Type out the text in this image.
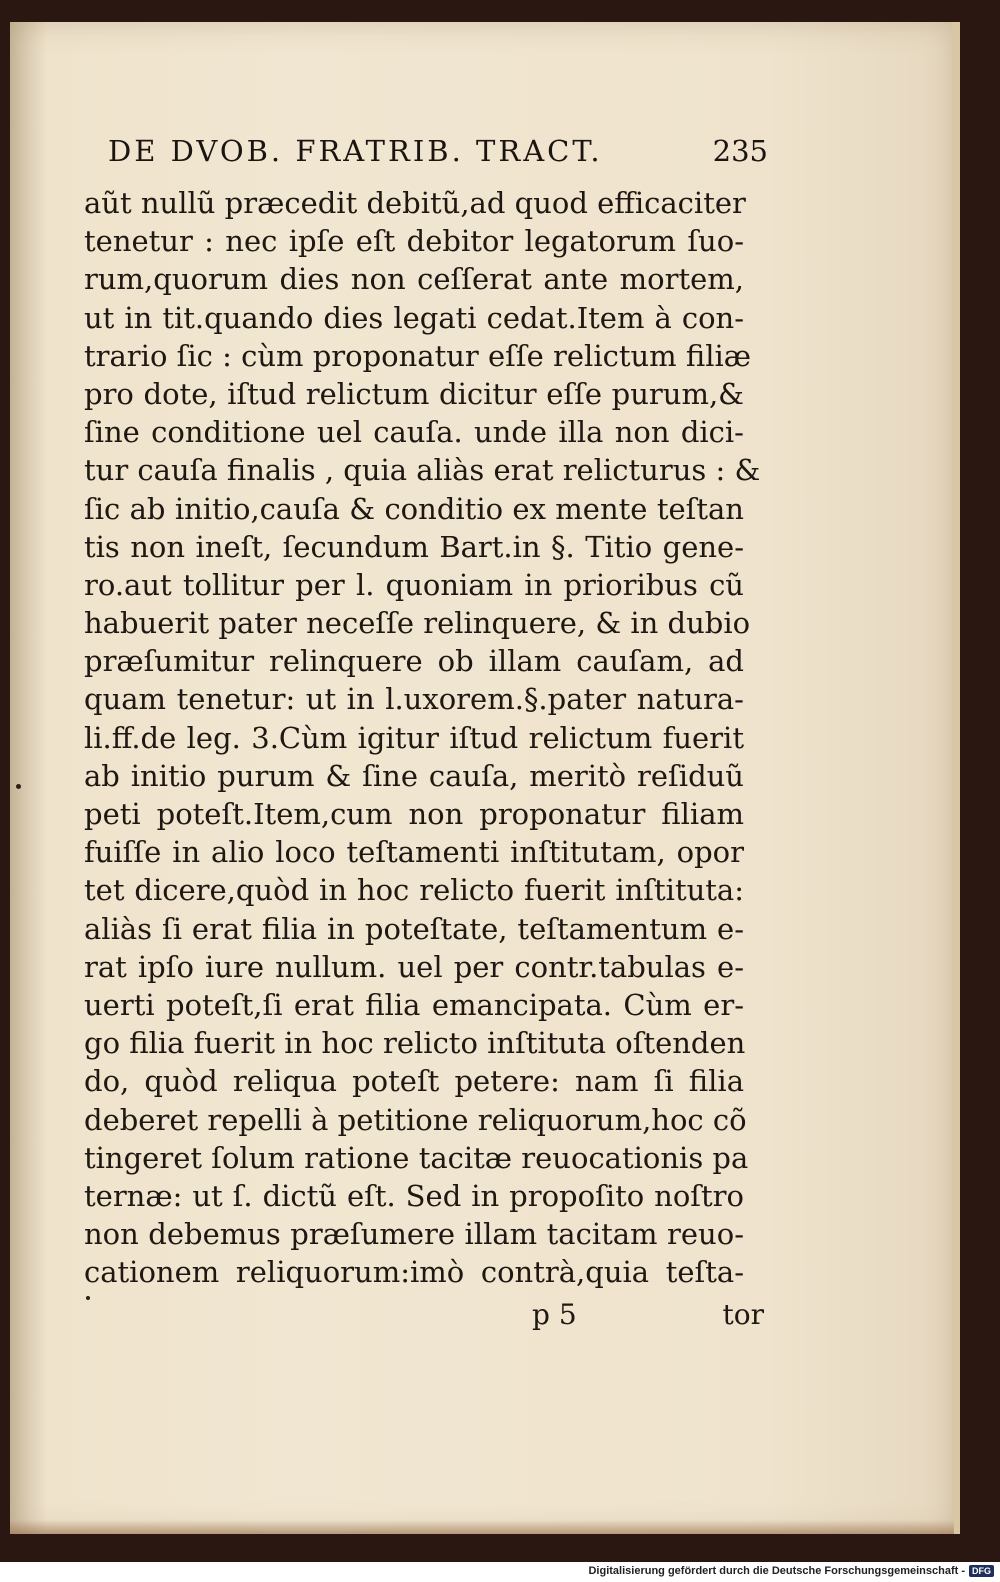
DE DVOB. FRATRIB. TRACT.	235
aũt nullũ præcedit debitũ,ad quod efficaciter
tenetur : nec ipſe eſt debitor legatorum ſuo-
rum,quorum dies non ceſſerat ante mortem,
ut in tit.quando dies legati cedat.Item à con-
trario ſic : cùm proponatur eſſe relictum filiæ
pro dote, iſtud relictum dicitur eſſe purum,&
ſine conditione uel cauſa. unde illa non dici-
tur cauſa finalis , quia aliàs erat relicturus : &
ſic ab initio,cauſa & conditio ex mente teſtan
tis non ineſt, ſecundum Bart.in §. Titio gene-
ro.aut tollitur per l. quoniam in prioribus cũ
habuerit pater neceſſe relinquere, & in dubio
præſumitur relinquere ob illam cauſam, ad
quam tenetur: ut in l.uxorem.§.pater natura-
li.ff.de leg. 3.Cùm igitur iſtud relictum fuerit
ab initio purum & ſine cauſa, meritò reſiduũ
peti poteſt.Item,cum non proponatur filiam
fuiſſe in alio loco teſtamenti inſtitutam, opor
tet dicere,quòd in hoc relicto fuerit inſtituta:
aliàs ſi erat filia in poteſtate, teſtamentum e-
rat ipſo iure nullum. uel per contr.tabulas e-
uerti poteſt,ſi erat filia emancipata. Cùm er-
go filia fuerit in hoc relicto inſtituta oſtenden
do, quòd reliqua poteſt petere: nam ſi filia
deberet repelli à petitione reliquorum,hoc cõ
tingeret ſolum ratione tacitæ reuocationis pa
ternæ: ut ſ. dictũ eſt. Sed in propoſito noſtro
non debemus præſumere illam tacitam reuo-
cationem reliquorum:imò contrà,quia teſta-
p 5	tor
Digitalisierung gefördert durch die Deutsche Forschungsgemeinschaft - DFG
